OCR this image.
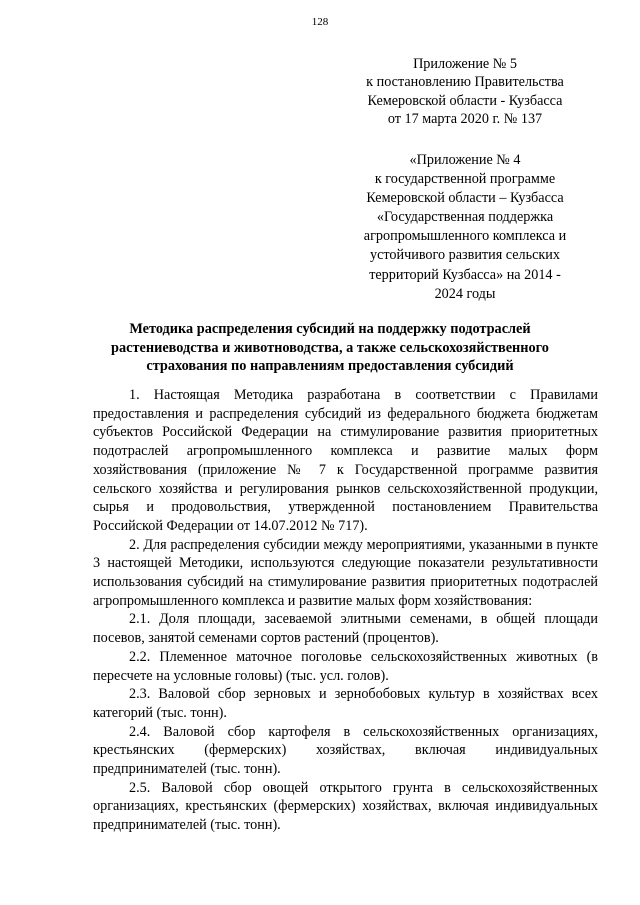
128
Приложение № 5
к постановлению Правительства
Кемеровской области - Кузбасса
от 17 марта 2020 г. № 137
«Приложение № 4
к государственной программе
Кемеровской области – Кузбасса
«Государственная поддержка
агропромышленного комплекса и
устойчивого развития сельских
территорий Кузбасса» на 2014 -
2024 годы
Методика распределения субсидий на поддержку подотраслей
растениеводства и животноводства, а также сельскохозяйственного
страхования по направлениям предоставления субсидий

1. Настоящая Методика разработана в соответствии с Правилами предоставления и распределения субсидий из федерального бюджета бюджетам субъектов Российской Федерации на стимулирование развития приоритетных подотраслей агропромышленного комплекса и развитие малых форм хозяйствования (приложение № 7 к Государственной программе развития сельского хозяйства и регулирования рынков сельскохозяйственной продукции, сырья и продовольствия, утвержденной постановлением Правительства Российской Федерации от 14.07.2012 № 717).

2. Для распределения субсидии между мероприятиями, указанными в пункте 3 настоящей Методики, используются следующие показатели результативности использования субсидий на стимулирование развития приоритетных подотраслей агропромышленного комплекса и развитие малых форм хозяйствования:

2.1. Доля площади, засеваемой элитными семенами, в общей площади посевов, занятой семенами сортов растений (процентов).

2.2. Племенное маточное поголовье сельскохозяйственных животных (в пересчете на условные головы) (тыс. усл. голов).

2.3. Валовой сбор зерновых и зернобобовых культур в хозяйствах всех категорий (тыс. тонн).

2.4. Валовой сбор картофеля в сельскохозяйственных организациях, крестьянских (фермерских) хозяйствах, включая индивидуальных предпринимателей (тыс. тонн).

2.5. Валовой сбор овощей открытого грунта в сельскохозяйственных организациях, крестьянских (фермерских) хозяйствах, включая индивидуальных предпринимателей (тыс. тонн).
